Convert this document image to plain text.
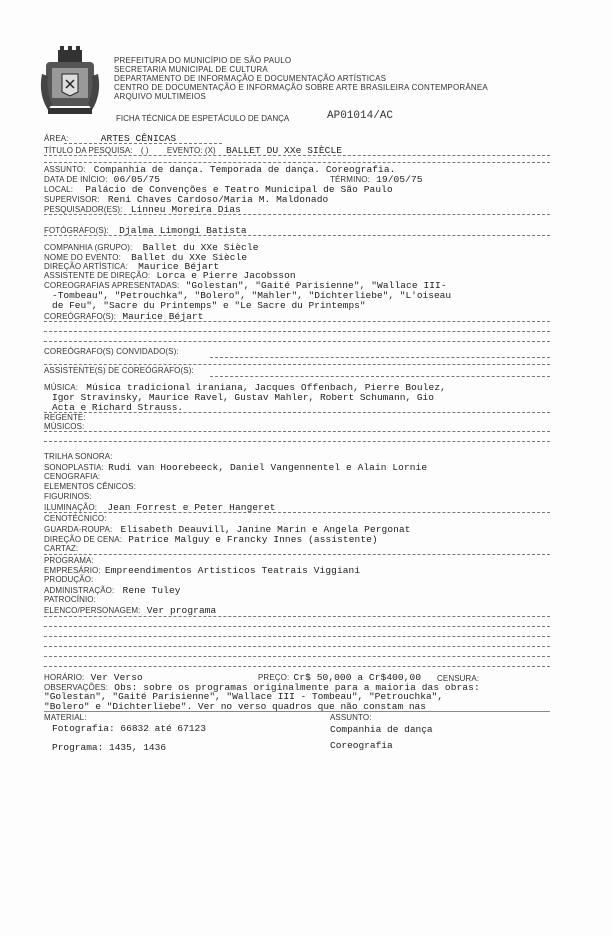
PREFEITURA DO MUNICÍPIO DE SÃO PAULO
SECRETARIA MUNICIPAL DE CULTURA
DEPARTAMENTO DE INFORMAÇÃO E DOCUMENTAÇÃO ARTÍSTICAS
CENTRO DE DOCUMENTAÇÃO E INFORMAÇÃO SOBRE ARTE BRASILEIRA CONTEMPORÂNEA
ARQUIVO MULTIMEIOS
FICHA TÉCNICA DE ESPETÁCULO DE DANÇA	AP01014/AC
ÁREA:	ARTES CÊNICAS
TÍTULO DA PESQUISA: ( ) EVENTO: (X) BALLET DU XXe SIÈCLE
ASSUNTO: Companhia de dança. Temporada de dança. Coreografia.
DATA DE INÍCIO: 06/05/75	TÉRMINO: 19/05/75
LOCAL: Palácio de Convenções e Teatro Municipal de São Paulo
SUPERVISOR: Reni Chaves Cardoso/Maria M. Maldonado
PESQUISADOR(ES): Linneu Moreira Dias
FOTÓGRAFO(S): Djalma Limongi Batista
COMPANHIA (GRUPO): Ballet du XXe Siècle
NOME DO EVENTO: Ballet du XXe Siècle
DIREÇÃO ARTÍSTICA: Maurice Béjart
ASSISTENTE DE DIREÇÃO: Lorca e Pierre Jacobsson
COREOGRAFIAS APRESENTADAS: "Golestan", "Gaité Parisienne", "Wallace III-
-Tombeau", "Petrouchka", "Bolero", "Mahler", "Dichterliebe", "L'oiseau
de Feu", "Sacre du Printemps" e "Le Sacre du Printemps"
COREÓGRAFO(S): Maurice Béjart
COREÓGRAFO(S) CONVIDADO(S):
ASSISTENTE(S) DE COREÓGRAFO(S):
MÚSICA: Música tradicional iraniana, Jacques Offenbach, Pierre Boulez,
Igor Stravinsky, Maurice Ravel, Gustav Mahler, Robert Schumann, Gio
Acta e Richard Strauss.
REGENTE:
MÚSICOS:
TRILHA SONORA:
SONOPLASTIA: Rudi van Hoorebeeck, Daniel Vangennentel e Alain Lornie
CENOGRAFIA:
ELEMENTOS CÊNICOS:
FIGURINOS:
ILUMINAÇÃO: Jean Forrest e Peter Hangeret
CENOTÉCNICO:
GUARDA-ROUPA: Elisabeth Deauvill, Janine Marin e Angela Pergonat
DIREÇÃO DE CENA: Patrice Malguy e Francky Innes (assistente)
CARTAZ:
PROGRAMA:
EMPRESÁRIO: Empreendimentos Artísticos Teatrais Viggiani
PRODUÇÃO:
ADMINISTRAÇÃO: Rene Tuley
PATROCÍNIO:
ELENCO/PERSONAGEM: Ver programa
HORÁRIO: Ver Verso	PREÇO: Cr$ 50,000 a Cr$400,00 CENSURA:
OBSERVAÇÕES: Obs: sobre os programas originalmente para a maioria das obras:
"Golestan", "Gaité Parisienne", "Wallace III - Tombeau", "Petrouchka",
"Bolero" e "Dichterliebe". Ver no verso quadros que não constam nas
MATERIAL:
Fotografia: 66832 até 67123
Programa: 1435, 1436
ASSUNTO:
Companhia de dança
Coreografia
